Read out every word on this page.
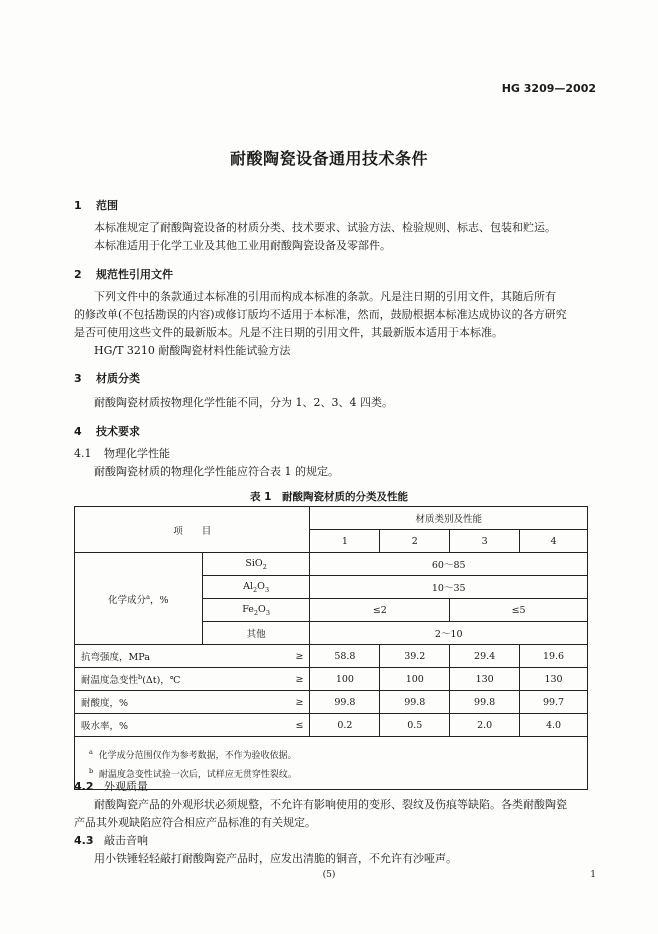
HG 3209—2002
耐酸陶瓷设备通用技术条件
1 范围
本标准规定了耐酸陶瓷设备的材质分类、技术要求、试验方法、检验规则、标志、包装和贮运。
本标准适用于化学工业及其他工业用耐酸陶瓷设备及零部件。
2 规范性引用文件
下列文件中的条款通过本标准的引用而构成本标准的条款。凡是注日期的引用文件，其随后所有
的修改单(不包括勘误的内容)或修订版均不适用于本标准，然而，鼓励根据本标准达成协议的各方研究
是否可使用这些文件的最新版本。凡是不注日期的引用文件，其最新版本适用于本标准。
HG/T 3210 耐酸陶瓷材料性能试验方法
3 材质分类
耐酸陶瓷材质按物理化学性能不同，分为 1、2、3、4 四类。
4 技术要求
4.1 物理化学性能
耐酸陶瓷材质的物理化学性能应符合表 1 的规定。
表 1　耐酸陶瓷材质的分类及性能
项　　目			材质类别及性能			
			1	2	3	4
化学成分$^a$，%	SiO$_2$		60～85			
	$Al_2O_3$		10～35			
	$Fe_2O_3$		≤2		≤5	
	其他		2～10			
抗弯强度，MPa		≥	58.8	39.2	29.4	19.6
耐温度急变性$^b$(Δt)，℃		≥	100	100	130	130
耐酸度，%		≥	99.8	99.8	99.8	99.7
吸水率，%		≤	0.2	0.5	2.0	4.0
$^a$ 化学成分范围仅作为参考数据，不作为验收依据。						
$^b$ 耐温度急变性试验一次后，试样应无贯穿性裂纹。						
4.2 外观质量
耐酸陶瓷产品的外观形状必须规整，不允许有影响使用的变形、裂纹及伤痕等缺陷。各类耐酸陶瓷
产品其外观缺陷应符合相应产品标准的有关规定。
4.3 敲击音响
用小铁锤轻轻敲打耐酸陶瓷产品时，应发出清脆的铜音，不允许有沙哑声。
(5)	1
